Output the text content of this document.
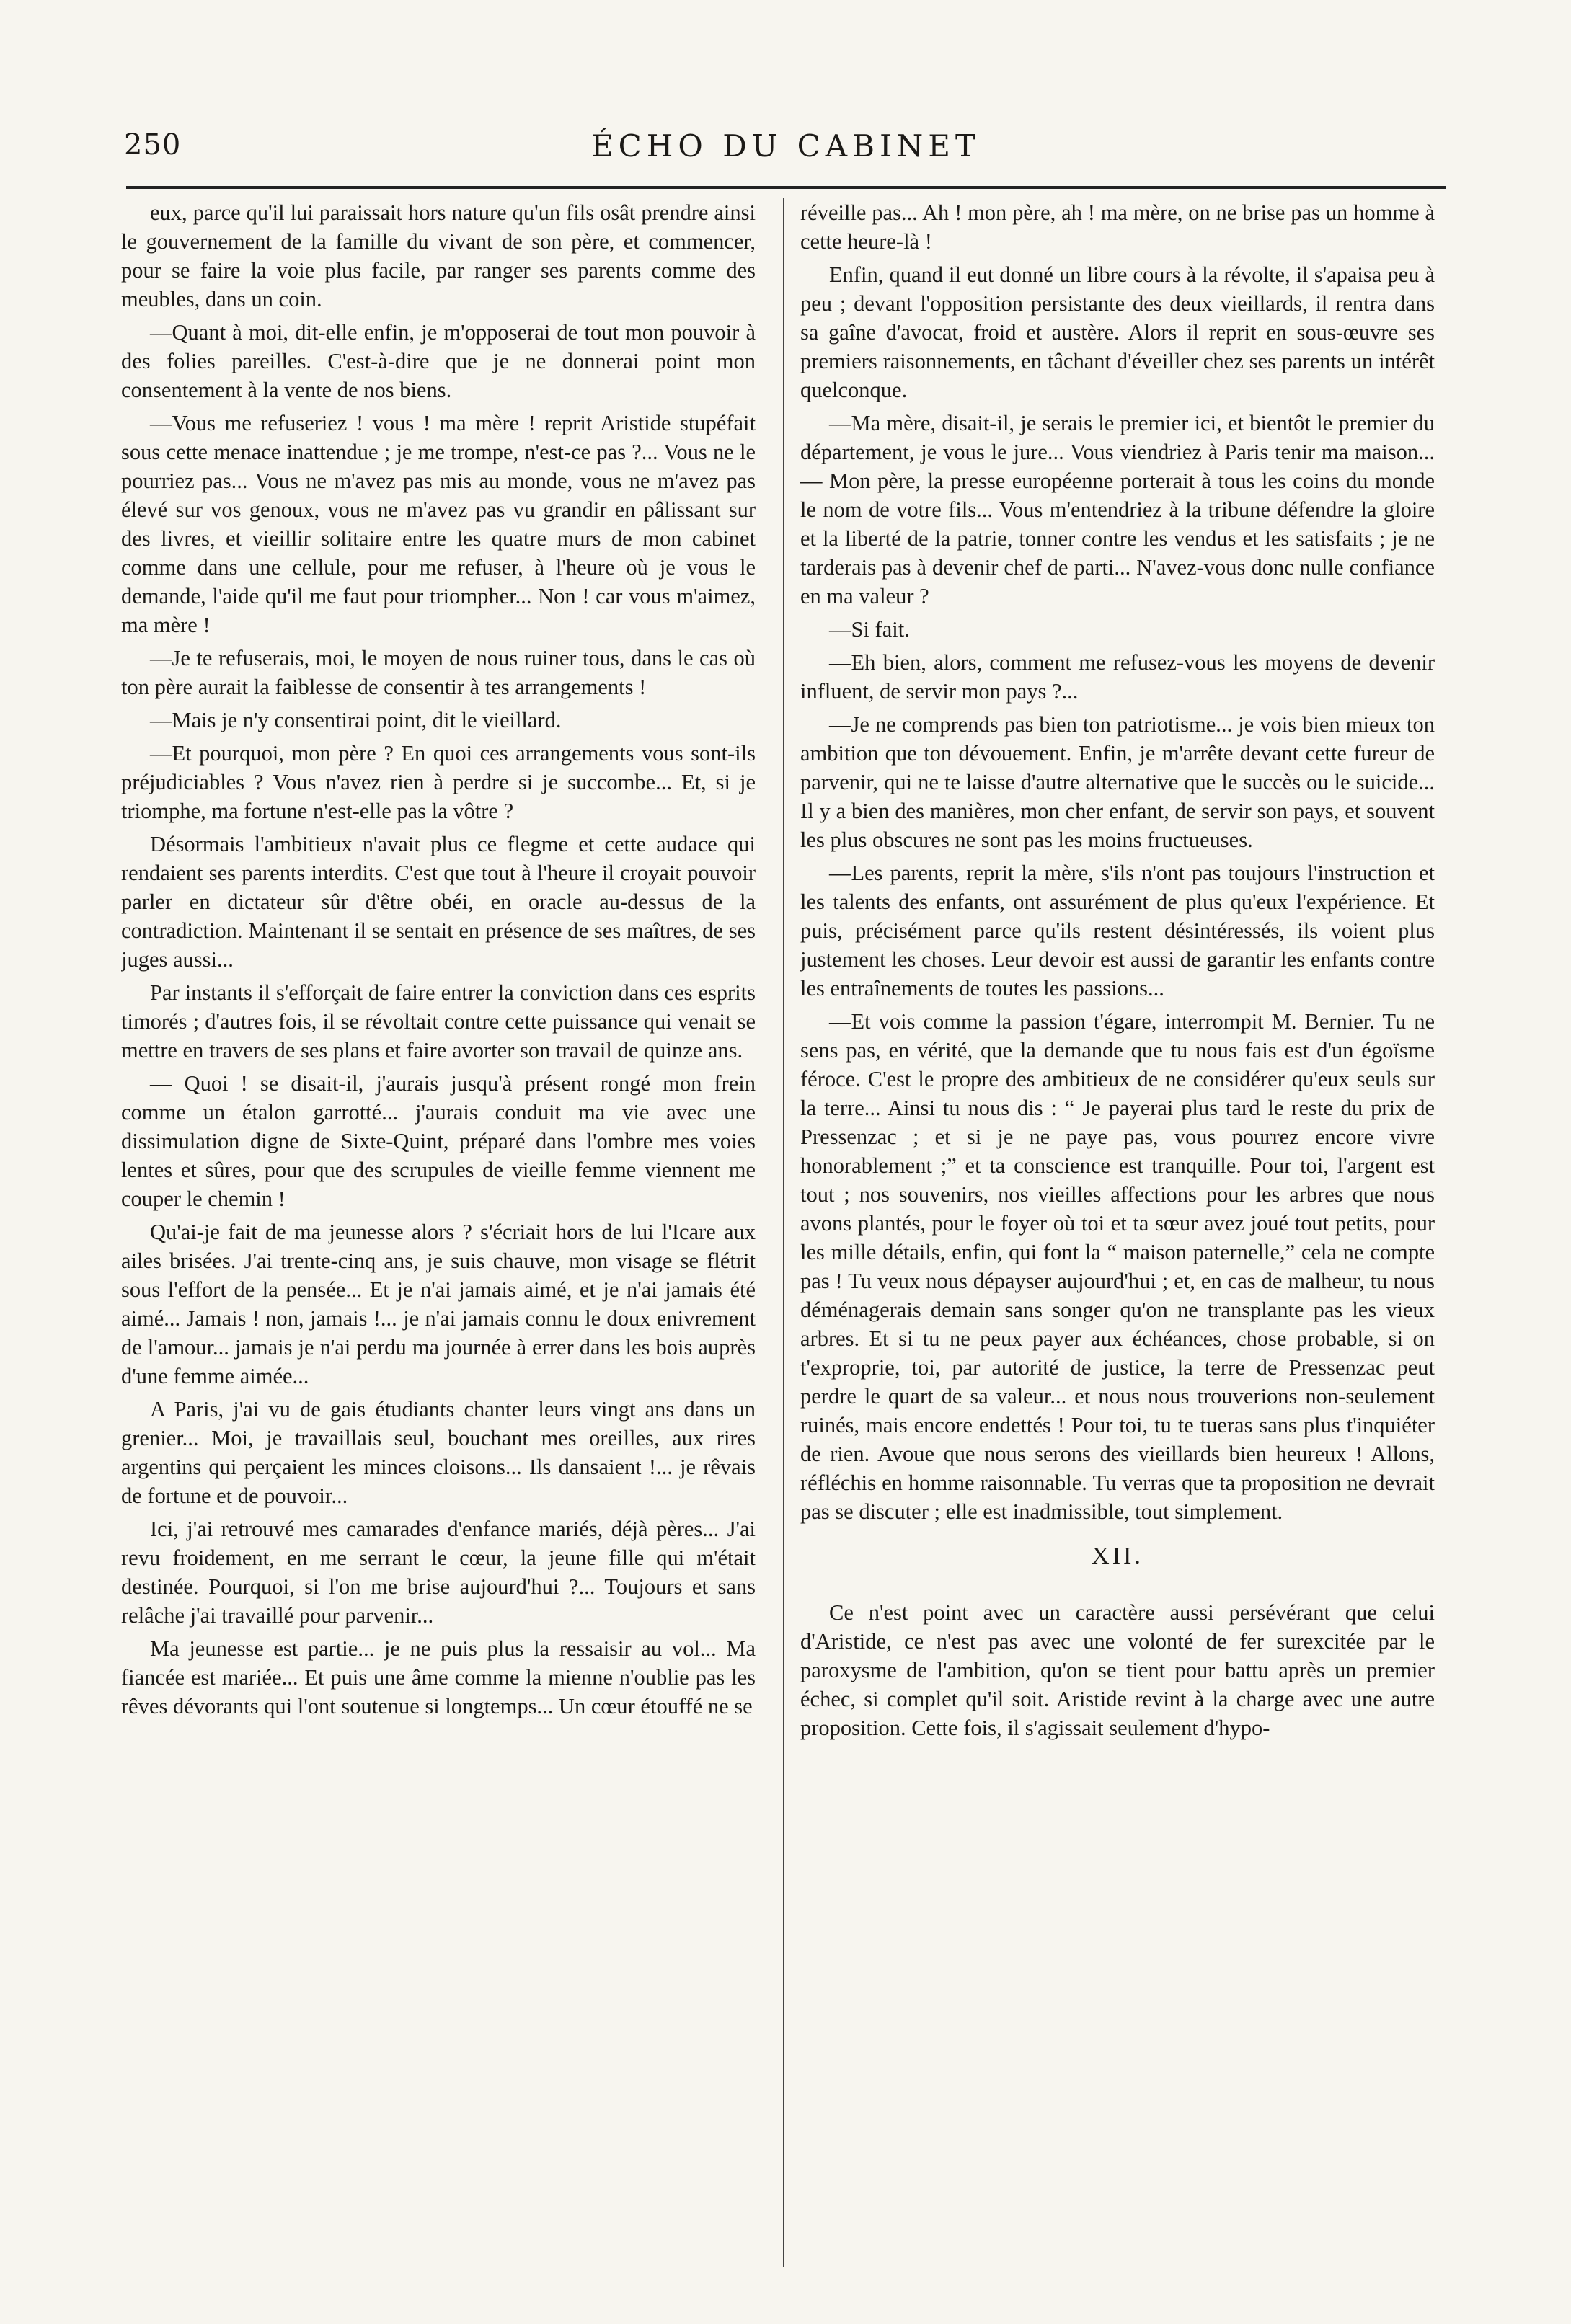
250	ÉCHO DU CABINET

eux, parce qu'il lui paraissait hors nature qu'un fils osât prendre ainsi le gouvernement de la famille du vivant de son père, et commencer, pour se faire la voie plus facile, par ranger ses parents comme des meubles, dans un coin.

—Quant à moi, dit-elle enfin, je m'opposerai de tout mon pouvoir à des folies pareilles. C'est-à-dire que je ne donnerai point mon consentement à la vente de nos biens.

—Vous me refuseriez ! vous ! ma mère ! reprit Aristide stupéfait sous cette menace inattendue ; je me trompe, n'est-ce pas ?... Vous ne le pourriez pas... Vous ne m'avez pas mis au monde, vous ne m'avez pas élevé sur vos genoux, vous ne m'avez pas vu grandir en pâlissant sur des livres, et vieillir solitaire entre les quatre murs de mon cabinet comme dans une cellule, pour me refuser, à l'heure où je vous le demande, l'aide qu'il me faut pour triompher... Non ! car vous m'aimez, ma mère !

—Je te refuserais, moi, le moyen de nous ruiner tous, dans le cas où ton père aurait la faiblesse de consentir à tes arrangements !

—Mais je n'y consentirai point, dit le vieillard.

—Et pourquoi, mon père ? En quoi ces arrangements vous sont-ils préjudiciables ? Vous n'avez rien à perdre si je succombe... Et, si je triomphe, ma fortune n'est-elle pas la vôtre ?

Désormais l'ambitieux n'avait plus ce flegme et cette audace qui rendaient ses parents interdits. C'est que tout à l'heure il croyait pouvoir parler en dictateur sûr d'être obéi, en oracle au-dessus de la contradiction. Maintenant il se sentait en présence de ses maîtres, de ses juges aussi...

Par instants il s'efforçait de faire entrer la conviction dans ces esprits timorés ; d'autres fois, il se révoltait contre cette puissance qui venait se mettre en travers de ses plans et faire avorter son travail de quinze ans.

— Quoi ! se disait-il, j'aurais jusqu'à présent rongé mon frein comme un étalon garrotté... j'aurais conduit ma vie avec une dissimulation digne de Sixte-Quint, préparé dans l'ombre mes voies lentes et sûres, pour que des scrupules de vieille femme viennent me couper le chemin !

Qu'ai-je fait de ma jeunesse alors ? s'écriait hors de lui l'Icare aux ailes brisées. J'ai trente-cinq ans, je suis chauve, mon visage se flétrit sous l'effort de la pensée... Et je n'ai jamais aimé, et je n'ai jamais été aimé... Jamais ! non, jamais !... je n'ai jamais connu le doux enivrement de l'amour... jamais je n'ai perdu ma journée à errer dans les bois auprès d'une femme aimée...

A Paris, j'ai vu de gais étudiants chanter leurs vingt ans dans un grenier... Moi, je travaillais seul, bouchant mes oreilles, aux rires argentins qui perçaient les minces cloisons... Ils dansaient !... je rêvais de fortune et de pouvoir...

Ici, j'ai retrouvé mes camarades d'enfance mariés, déjà pères... J'ai revu froidement, en me serrant le cœur, la jeune fille qui m'était destinée. Pourquoi, si l'on me brise aujourd'hui ?... Toujours et sans relâche j'ai travaillé pour parvenir...

Ma jeunesse est partie... je ne puis plus la ressaisir au vol... Ma fiancée est mariée... Et puis une âme comme la mienne n'oublie pas les rêves dévorants qui l'ont soutenue si longtemps... Un cœur étouffé ne se

réveille pas... Ah ! mon père, ah ! ma mère, on ne brise pas un homme à cette heure-là !

Enfin, quand il eut donné un libre cours à la révolte, il s'apaisa peu à peu ; devant l'opposition persistante des deux vieillards, il rentra dans sa gaîne d'avocat, froid et austère. Alors il reprit en sous-œuvre ses premiers raisonnements, en tâchant d'éveiller chez ses parents un intérêt quelconque.

—Ma mère, disait-il, je serais le premier ici, et bientôt le premier du département, je vous le jure... Vous viendriez à Paris tenir ma maison... — Mon père, la presse européenne porterait à tous les coins du monde le nom de votre fils... Vous m'entendriez à la tribune défendre la gloire et la liberté de la patrie, tonner contre les vendus et les satisfaits ; je ne tarderais pas à devenir chef de parti... N'avez-vous donc nulle confiance en ma valeur ?

—Si fait.

—Eh bien, alors, comment me refusez-vous les moyens de devenir influent, de servir mon pays ?...

—Je ne comprends pas bien ton patriotisme... je vois bien mieux ton ambition que ton dévouement. Enfin, je m'arrête devant cette fureur de parvenir, qui ne te laisse d'autre alternative que le succès ou le suicide... Il y a bien des manières, mon cher enfant, de servir son pays, et souvent les plus obscures ne sont pas les moins fructueuses.

—Les parents, reprit la mère, s'ils n'ont pas toujours l'instruction et les talents des enfants, ont assurément de plus qu'eux l'expérience. Et puis, précisément parce qu'ils restent désintéressés, ils voient plus justement les choses. Leur devoir est aussi de garantir les enfants contre les entraînements de toutes les passions...

—Et vois comme la passion t'égare, interrompit M. Bernier. Tu ne sens pas, en vérité, que la demande que tu nous fais est d'un égoïsme féroce. C'est le propre des ambitieux de ne considérer qu'eux seuls sur la terre... Ainsi tu nous dis : “ Je payerai plus tard le reste du prix de Pressenzac ; et si je ne paye pas, vous pourrez encore vivre honorablement ;” et ta conscience est tranquille. Pour toi, l'argent est tout ; nos souvenirs, nos vieilles affections pour les arbres que nous avons plantés, pour le foyer où toi et ta sœur avez joué tout petits, pour les mille détails, enfin, qui font la “ maison paternelle,” cela ne compte pas ! Tu veux nous dépayser aujourd'hui ; et, en cas de malheur, tu nous déménagerais demain sans songer qu'on ne transplante pas les vieux arbres. Et si tu ne peux payer aux échéances, chose probable, si on t'exproprie, toi, par autorité de justice, la terre de Pressenzac peut perdre le quart de sa valeur... et nous nous trouverions non-seulement ruinés, mais encore endettés ! Pour toi, tu te tueras sans plus t'inquiéter de rien. Avoue que nous serons des vieillards bien heureux ! Allons, réfléchis en homme raisonnable. Tu verras que ta proposition ne devrait pas se discuter ; elle est inadmissible, tout simplement.

XII.

Ce n'est point avec un caractère aussi persévérant que celui d'Aristide, ce n'est pas avec une volonté de fer surexcitée par le paroxysme de l'ambition, qu'on se tient pour battu après un premier échec, si complet qu'il soit. Aristide revint à la charge avec une autre proposition. Cette fois, il s'agissait seulement d'hypo-
